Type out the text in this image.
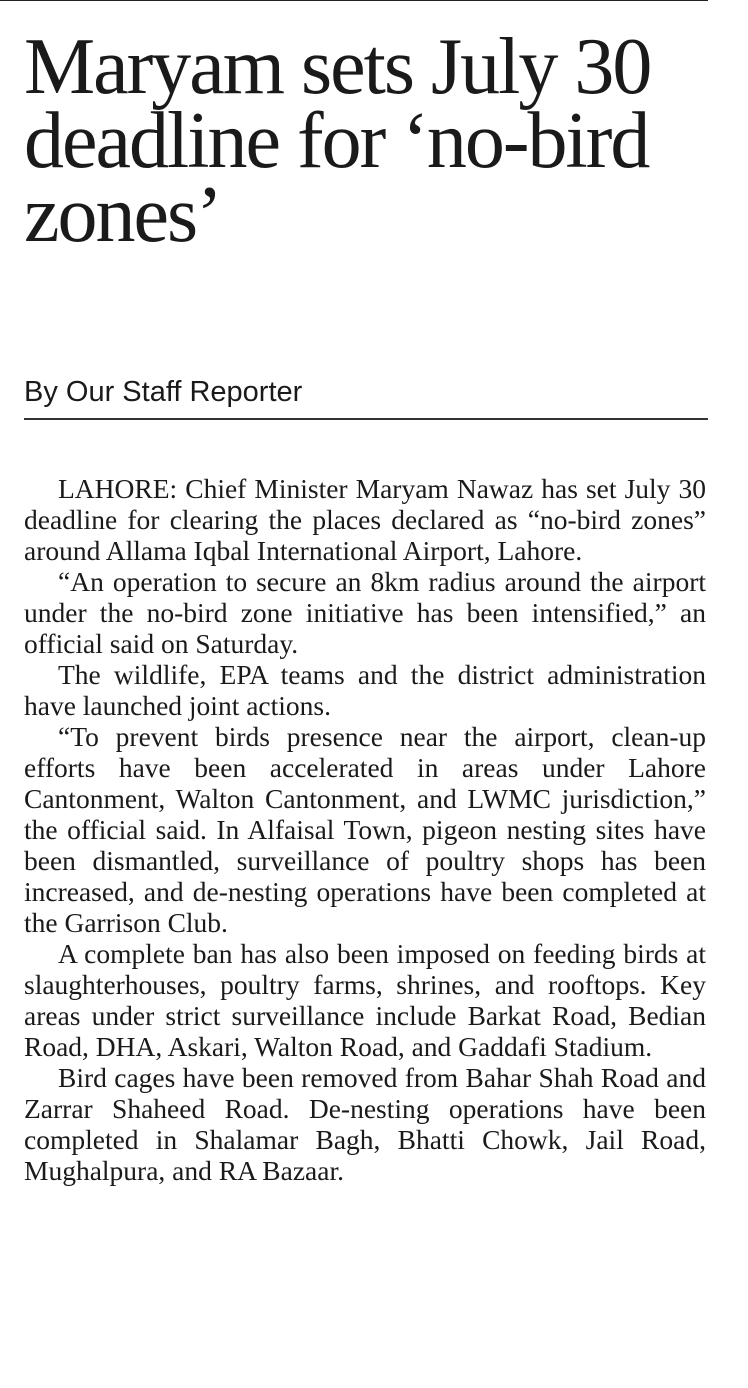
Maryam sets July 30 deadline for ‘no-bird zones’
By Our Staff Reporter

LAHORE: Chief Minister Maryam Nawaz has set July 30 deadline for clearing the places declared as “no-bird zones” around Allama Iqbal International Airport, Lahore.

“An operation to secure an 8km radius around the airport under the no-bird zone initiative has been intensified,” an official said on Saturday.

The wildlife, EPA teams and the district administration have launched joint actions.

“To prevent birds presence near the airport, clean-up efforts have been accelerated in areas under Lahore Cantonment, Walton Cantonment, and LWMC jurisdiction,” the official said. In Alfaisal Town, pigeon nesting sites have been dismantled, surveillance of poultry shops has been increased, and de-nesting operations have been completed at the Garrison Club.

A complete ban has also been imposed on feeding birds at slaughterhouses, poultry farms, shrines, and rooftops. Key areas under strict surveillance include Barkat Road, Bedian Road, DHA, Askari, Walton Road, and Gaddafi Stadium.

Bird cages have been removed from Bahar Shah Road and Zarrar Shaheed Road. De-nesting operations have been completed in Shalamar Bagh, Bhatti Chowk, Jail Road, Mughalpura, and RA Bazaar.
